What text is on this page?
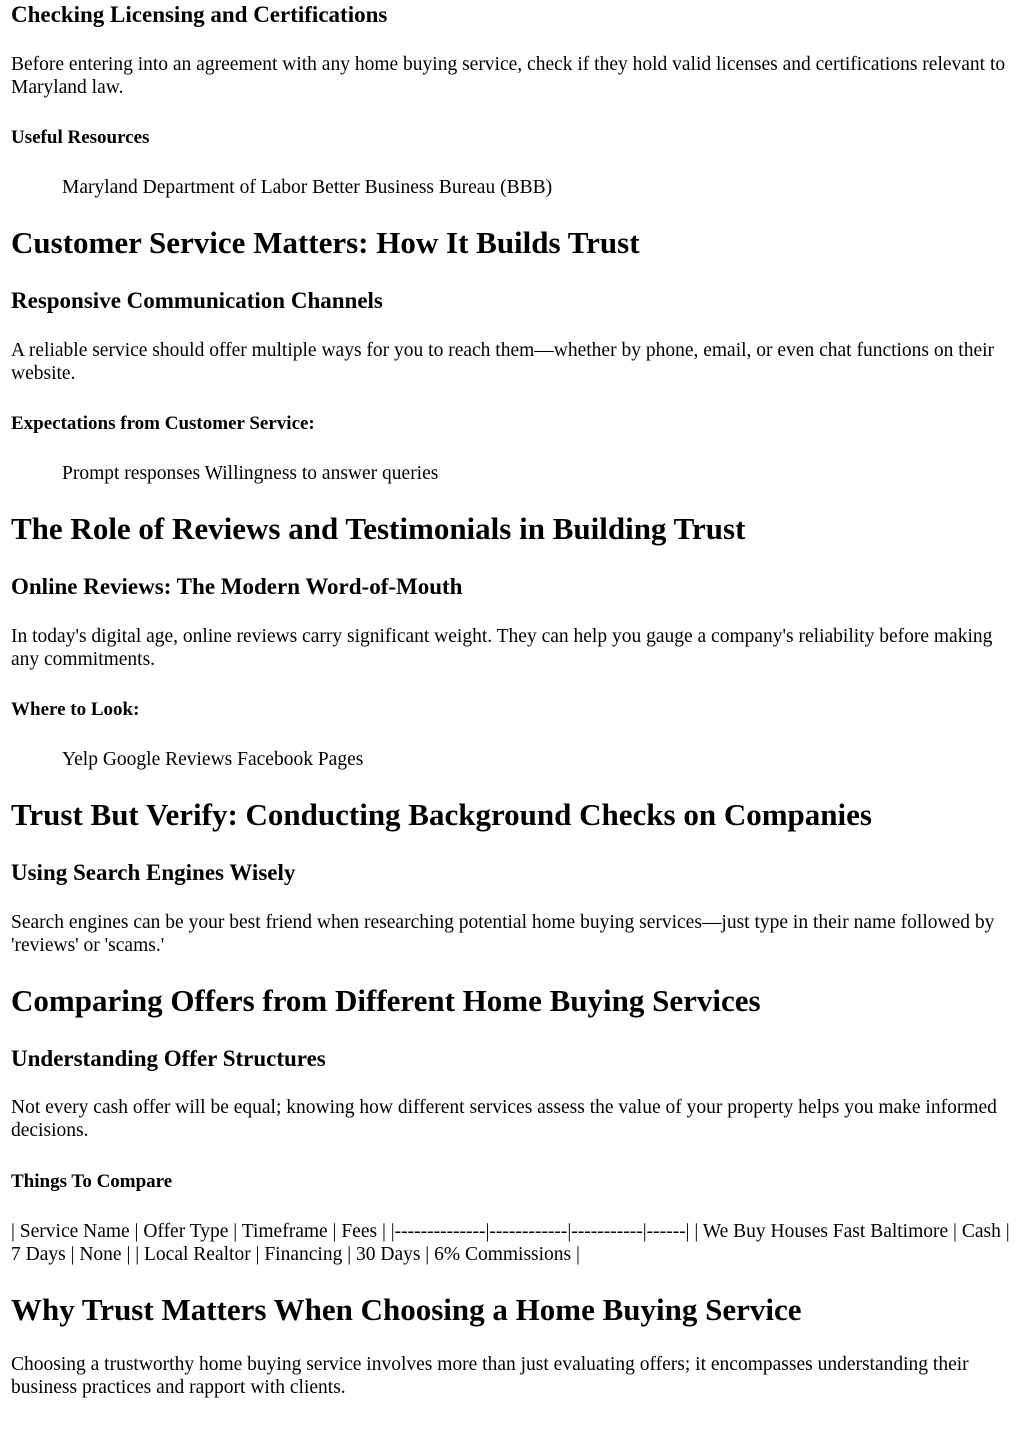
Checking Licensing and Certifications

Before entering into an agreement with any home buying service, check if they hold valid licenses and certifications relevant to Maryland law.

Useful Resources
Maryland Department of Labor Better Business Bureau (BBB)
Customer Service Matters: How It Builds Trust
Responsive Communication Channels

A reliable service should offer multiple ways for you to reach them—whether by phone, email, or even chat functions on their website.

Expectations from Customer Service:
Prompt responses Willingness to answer queries
The Role of Reviews and Testimonials in Building Trust
Online Reviews: The Modern Word-of-Mouth

In today's digital age, online reviews carry significant weight. They can help you gauge a company's reliability before making any commitments.

Where to Look:
Yelp Google Reviews Facebook Pages
Trust But Verify: Conducting Background Checks on Companies
Using Search Engines Wisely

Search engines can be your best friend when researching potential home buying services—just type in their name followed by 'reviews' or 'scams.'

Comparing Offers from Different Home Buying Services
Understanding Offer Structures

Not every cash offer will be equal; knowing how different services assess the value of your property helps you make informed decisions.

Things To Compare

| Service Name | Offer Type | Timeframe | Fees | |--------------|------------|-----------|------| | We Buy Houses Fast Baltimore | Cash | 7 Days | None | | Local Realtor | Financing | 30 Days | 6% Commissions |

Why Trust Matters When Choosing a Home Buying Service

Choosing a trustworthy home buying service involves more than just evaluating offers; it encompasses understanding their business practices and rapport with clients.
